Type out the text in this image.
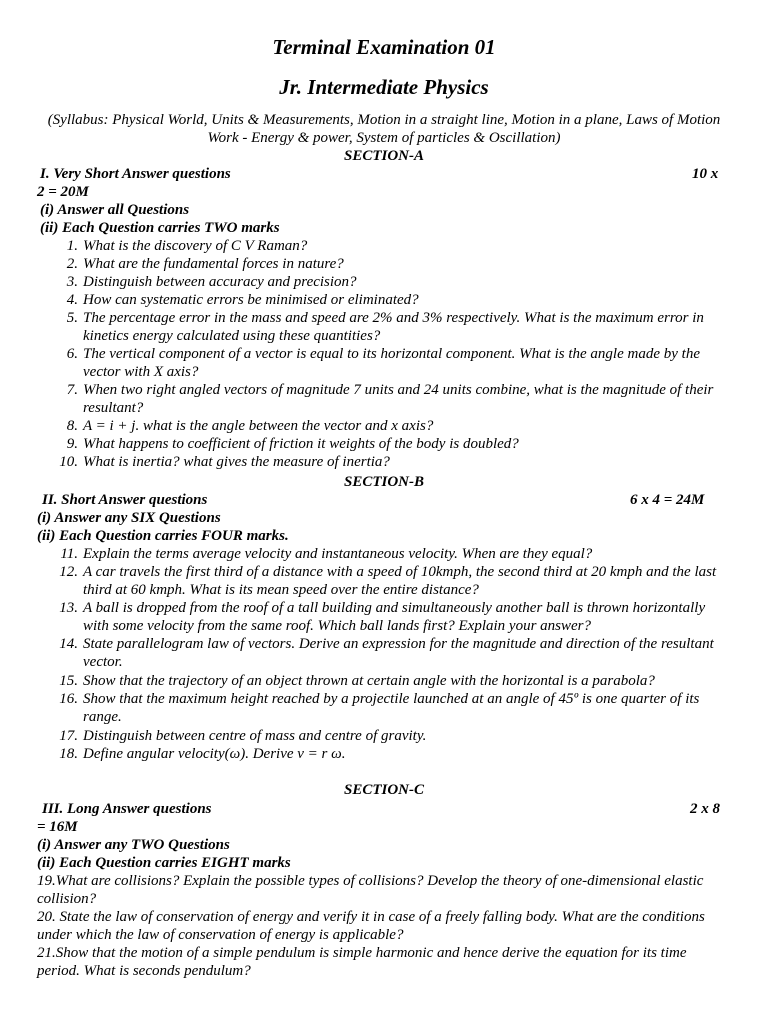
Terminal Examination 01
Jr. Intermediate Physics
(Syllabus: Physical World, Units & Measurements, Motion in a straight line, Motion in a plane, Laws of Motion Work - Energy & power, System of particles & Oscillation)
SECTION-A
I. Very Short Answer questions	10 x
2 = 20M
(i) Answer all Questions
(ii) Each Question carries TWO marks
1. What is the discovery of C V Raman?
2. What are the fundamental forces in nature?
3. Distinguish between accuracy and precision?
4. How can systematic errors be minimised or eliminated?
5. The percentage error in the mass and speed are 2% and 3% respectively. What is the maximum error in kinetics energy calculated using these quantities?
6. The vertical component of a vector is equal to its horizontal component. What is the angle made by the vector with X axis?
7. When two right angled vectors of magnitude 7 units and 24 units combine, what is the magnitude of their resultant?
8. A = i + j. what is the angle between the vector and x axis?
9. What happens to coefficient of friction it weights of the body is doubled?
10. What is inertia? what gives the measure of inertia?
SECTION-B
II. Short Answer questions	6 x 4 = 24M
(i) Answer any SIX Questions
(ii) Each Question carries FOUR marks.
11. Explain the terms average velocity and instantaneous velocity. When are they equal?
12. A car travels the first third of a distance with a speed of 10kmph, the second third at 20 kmph and the last third at 60 kmph. What is its mean speed over the entire distance?
13. A ball is dropped from the roof of a tall building and simultaneously another ball is thrown horizontally with some velocity from the same roof. Which ball lands first? Explain your answer?
14. State parallelogram law of vectors. Derive an expression for the magnitude and direction of the resultant vector.
15. Show that the trajectory of an object thrown at certain angle with the horizontal is a parabola?
16. Show that the maximum height reached by a projectile launched at an angle of 45º is one quarter of its range.
17. Distinguish between centre of mass and centre of gravity.
18. Define angular velocity(ω). Derive v = r ω.
SECTION-C
III. Long Answer questions	2 x 8
= 16M
(i) Answer any TWO Questions
(ii) Each Question carries EIGHT marks
19.What are collisions? Explain the possible types of collisions? Develop the theory of one-dimensional elastic collision?
20. State the law of conservation of energy and verify it in case of a freely falling body. What are the conditions under which the law of conservation of energy is applicable?
21.Show that the motion of a simple pendulum is simple harmonic and hence derive the equation for its time period. What is seconds pendulum?
